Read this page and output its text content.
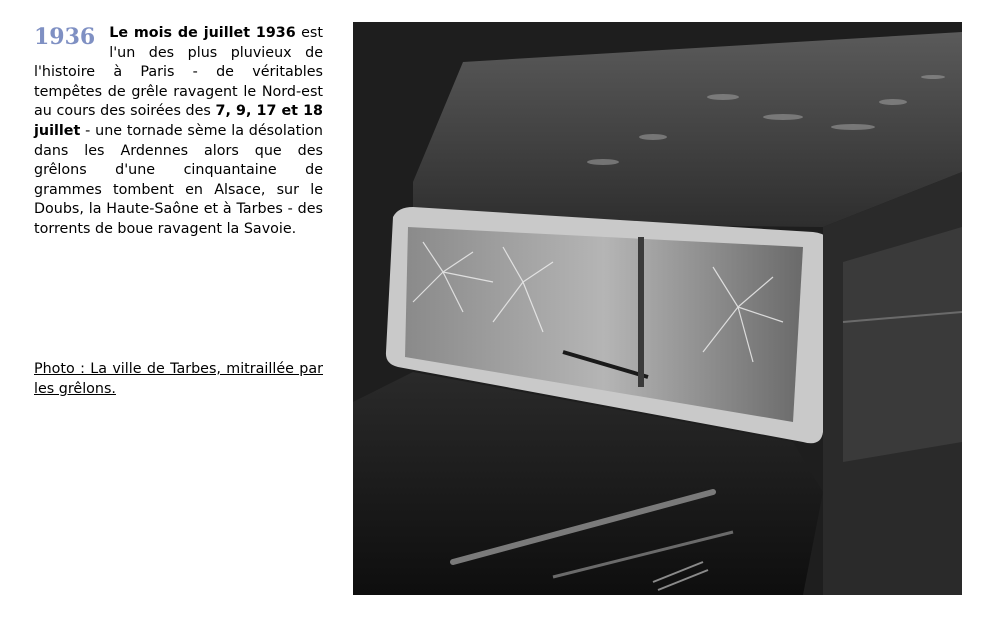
1936 Le mois de juillet 1936 est l'un des plus pluvieux de l'histoire à Paris - de véritables tempêtes de grêle ravagent le Nord-est au cours des soirées des 7, 9, 17 et 18 juillet - une tornade sème la désolation dans les Ardennes alors que des grêlons d'une cinquantaine de grammes tombent en Alsace, sur le Doubs, la Haute-Saône et à Tarbes - des torrents de boue ravagent la Savoie.

Photo : La ville de Tarbes, mitraillée par les grêlons.
